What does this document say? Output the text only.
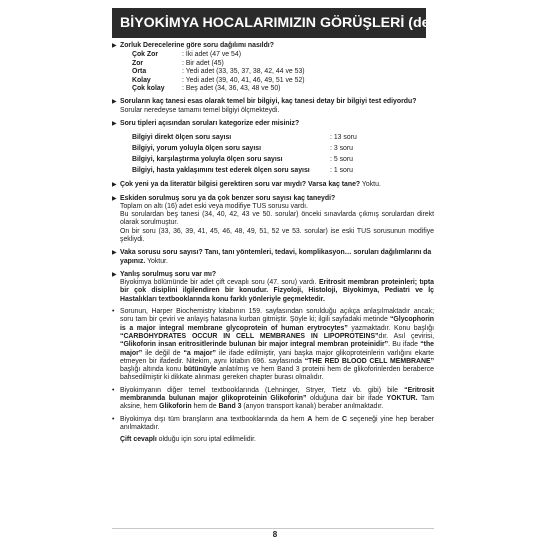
BİYOKİMYA HOCALARIMIZIN GÖRÜŞLERİ (devamı)
▶ Zorluk Derecelerine göre soru dağılımı nasıldı?
Çok Zor	: İki adet (47 ve 54)
Zor	: Bir adet (45)
Orta	: Yedi adet (33, 35, 37, 38, 42, 44 ve 53)
Kolay	: Yedi adet (39, 40, 41, 46, 49, 51 ve 52)
Çok kolay	: Beş adet (34, 36, 43, 48 ve 50)
▶ Soruların kaç tanesi esas olarak temel bir bilgiyi, kaç tanesi detay bir bilgiyi test ediyordu? Sorular neredeyse tamamı temel bilgiyi ölçmekteydi.
▶ Soru tipleri açısından soruları kategorize eder misiniz?
Bilgiyi direkt ölçen soru sayısı	: 13 soru
Bilgiyi, yorum yoluyla ölçen soru sayısı	: 3 soru
Bilgiyi, karşılaştırma yoluyla ölçen soru sayısı	: 5 soru
Bilgiyi, hasta yaklaşımını test ederek ölçen soru sayısı	: 1 soru
▶ Çok yeni ya da literatür bilgisi gerektiren soru var mıydı? Varsa kaç tane? Yoktu.
▶ Eskiden sorulmuş soru ya da çok benzer soru sayısı kaç taneydi?

Toplam on altı (16) adet eski veya modifiye TUS sorusu vardı.

Bu sorulardan beş tanesi (34, 40, 42, 43 ve 50. sorular) önceki sınavlarda çıkmış sorulardan direkt olarak sorulmuştur.

On bir soru (33, 36, 39, 41, 45, 46, 48, 49, 51, 52 ve 53. sorular) ise eski TUS sorusunun modifiye şekliydi.

▶ Vaka sorusu soru sayısı? Tanı, tanı yöntemleri, tedavi, komplikasyon… soruları dağılımlarını da yapınız. Yoktur.
▶ Yanlış sorulmuş soru var mı?

Biyokimya bölümünde bir adet çift cevaplı soru (47. soru) vardı. Eritrosit membran proteinleri; tıpta bir çok disiplini ilgilendiren bir konudur. Fizyoloji, Histoloji, Biyokimya, Pediatri ve İç Hastalıkları textbooklarında konu farklı yönleriyle geçmektedir.

• Sorunun, Harper Biochemistry kitabının 159. sayfasından sorulduğu açıkça anlaşılmaktadır ancak; soru tam bir çeviri ve anlayış hatasına kurban gitmiştir. Şöyle ki; ilgili sayfadaki metinde “Glycophorin is a major integral membrane glycoprotein of human erytrocytes” yazmaktadır. Konu başlığı “CARBOHYDRATES OCCUR IN CELL MEMBRANES IN LIPOPROTEINS”dır. Asıl çevirisi, “Glikoforin insan eritrositlerinde bulunan bir major integral membran proteinidir”. Bu ifade “the major” ile değil de “a major” ile ifade edilmiştir, yani başka major glikoproteinlerin varlığını ekarte etmeyen bir ifadedir. Nitekim, aynı kitabın 696. sayfasında “THE RED BLOOD CELL MEMBRANE” başlığı altında konu bütünüyle anlatılmış ve hem Band 3 proteini hem de glikoforinlerden beraberce bahsedilmiştir ki dikkate alınması gereken chapter burası olmalıdır.
• Biyokimyanın diğer temel textbooklarında (Lehninger, Stryer, Tietz vb. gibi) bile “Eritrosit membranında bulunan major glikoproteinin Glikoforin” olduğuna dair bir ifade YOKTUR. Tam aksine, hem Glikoforin hem de Band 3 (anyon transport kanalı) beraber anılmaktadır.
• Biyokimya dışı tüm branşların ana textbooklarında da hem A hem de C seçeneği yine hep beraber anılmaktadır.
Çift cevaplı olduğu için soru iptal edilmelidir.
8
